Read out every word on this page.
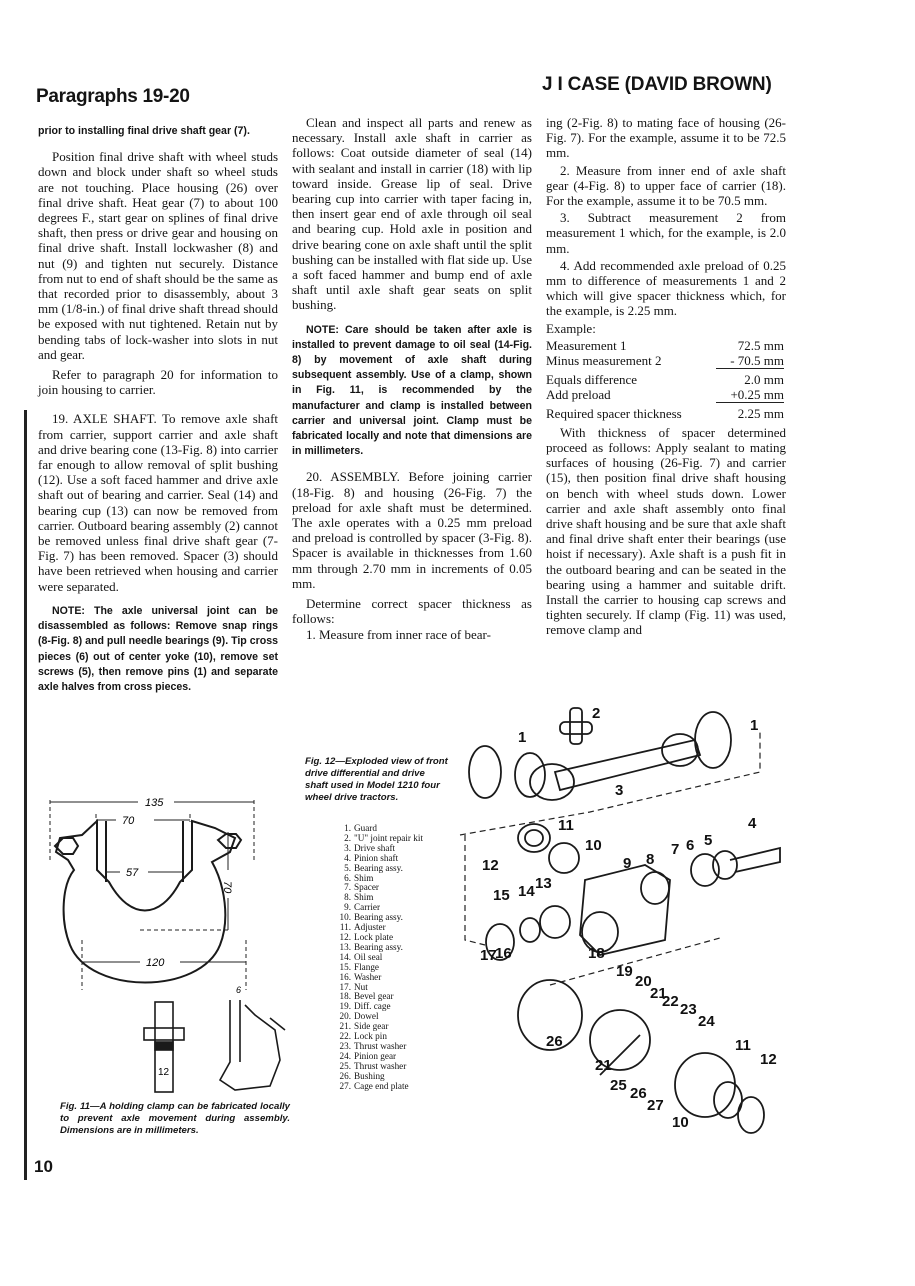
Paragraphs 19-20
J I CASE (DAVID BROWN)

prior to installing final drive shaft gear (7).

Position final drive shaft with wheel studs down and block under shaft so wheel studs are not touching. Place housing (26) over final drive shaft. Heat gear (7) to about 100 degrees F., start gear on splines of final drive shaft, then press or drive gear and housing on final drive shaft. Install lockwasher (8) and nut (9) and tighten nut securely. Distance from nut to end of shaft should be the same as that recorded prior to disassembly, about 3 mm (1/8-in.) of final drive shaft thread should be exposed with nut tightened. Retain nut by bending tabs of lock-washer into slots in nut and gear.

Refer to paragraph 20 for information to join housing to carrier.

19. AXLE SHAFT. To remove axle shaft from carrier, support carrier and axle shaft and drive bearing cone (13-Fig. 8) into carrier far enough to allow removal of split bushing (12). Use a soft faced hammer and drive axle shaft out of bearing and carrier. Seal (14) and bearing cup (13) can now be removed from carrier. Outboard bearing assembly (2) cannot be removed unless final drive shaft gear (7-Fig. 7) has been removed. Spacer (3) should have been retrieved when housing and carrier were separated.

NOTE: The axle universal joint can be disassembled as follows: Remove snap rings (8-Fig. 8) and pull needle bearings (9). Tip cross pieces (6) out of center yoke (10), remove set screws (5), then remove pins (1) and separate axle halves from cross pieces.

Clean and inspect all parts and renew as necessary. Install axle shaft in carrier as follows: Coat outside diameter of seal (14) with sealant and install in carrier (18) with lip toward inside. Grease lip of seal. Drive bearing cup into carrier with taper facing in, then insert gear end of axle through oil seal and bearing cup. Hold axle in position and drive bearing cone on axle shaft until the split bushing can be installed with flat side up. Use a soft faced hammer and bump end of axle shaft until axle shaft gear seats on split bushing.

NOTE: Care should be taken after axle is installed to prevent damage to oil seal (14-Fig. 8) by movement of axle shaft during subsequent assembly. Use of a clamp, shown in Fig. 11, is recommended by the manufacturer and clamp is installed between carrier and universal joint. Clamp must be fabricated locally and note that dimensions are in millimeters.

20. ASSEMBLY. Before joining carrier (18-Fig. 8) and housing (26-Fig. 7) the preload for axle shaft must be determined. The axle operates with a 0.25 mm preload and preload is controlled by spacer (3-Fig. 8). Spacer is available in thicknesses from 1.60 mm through 2.70 mm in increments of 0.05 mm.

Determine correct spacer thickness as follows:

1. Measure from inner race of bear-

ing (2-Fig. 8) to mating face of housing (26-Fig. 7). For the example, assume it to be 72.5 mm.

2. Measure from inner end of axle shaft gear (4-Fig. 8) to upper face of carrier (18). For the example, assume it to be 70.5 mm.

3. Subtract measurement 2 from measurement 1 which, for the example, is 2.0 mm.

4. Add recommended axle preload of 0.25 mm to difference of measurements 1 and 2 which will give spacer thickness which, for the example, is 2.25 mm.

Example:

Measurement 1	72.5 mm
Minus measurement 2	- 70.5 mm
Equals difference	2.0 mm
Add preload	+0.25 mm
Required spacer thickness	2.25 mm

With thickness of spacer determined proceed as follows: Apply sealant to mating surfaces of housing (26-Fig. 7) and carrier (15), then position final drive shaft housing on bench with wheel studs down. Lower carrier and axle shaft assembly onto final drive shaft housing and be sure that axle shaft and final drive shaft enter their bearings (use hoist if necessary). Axle shaft is a push fit in the outboard bearing and can be seated in the bearing using a hammer and suitable drift. Install the carrier to housing cap screws and tighten securely. If clamp (Fig. 11) was used, remove clamp and

135
70
57
70
120
6
12
Fig. 11—A holding clamp can be fabricated locally to prevent axle movement during assembly. Dimensions are in millimeters.
Fig. 12—Exploded view of front drive differential and drive shaft used in Model 1210 four wheel drive tractors.
1. Guard
2. "U" joint repair kit
3. Drive shaft
4. Pinion shaft
5. Bearing assy.
6. Shim
7. Spacer
8. Shim
9. Carrier
10. Bearing assy.
11. Adjuster
12. Lock plate
13. Bearing assy.
14. Oil seal
15. Flange
16. Washer
17. Nut
18. Bevel gear
19. Diff. cage
20. Dowel
21. Side gear
22. Lock pin
23. Thrust washer
24. Pinion gear
25. Thrust washer
26. Bushing
27. Cage end plate
2
1
3
1
4
11
10
9 8
7 6 5
12
15 14 13
17
16	18
19
20
21
22 23
24
26
21
25 26
27
10
11
12
10
